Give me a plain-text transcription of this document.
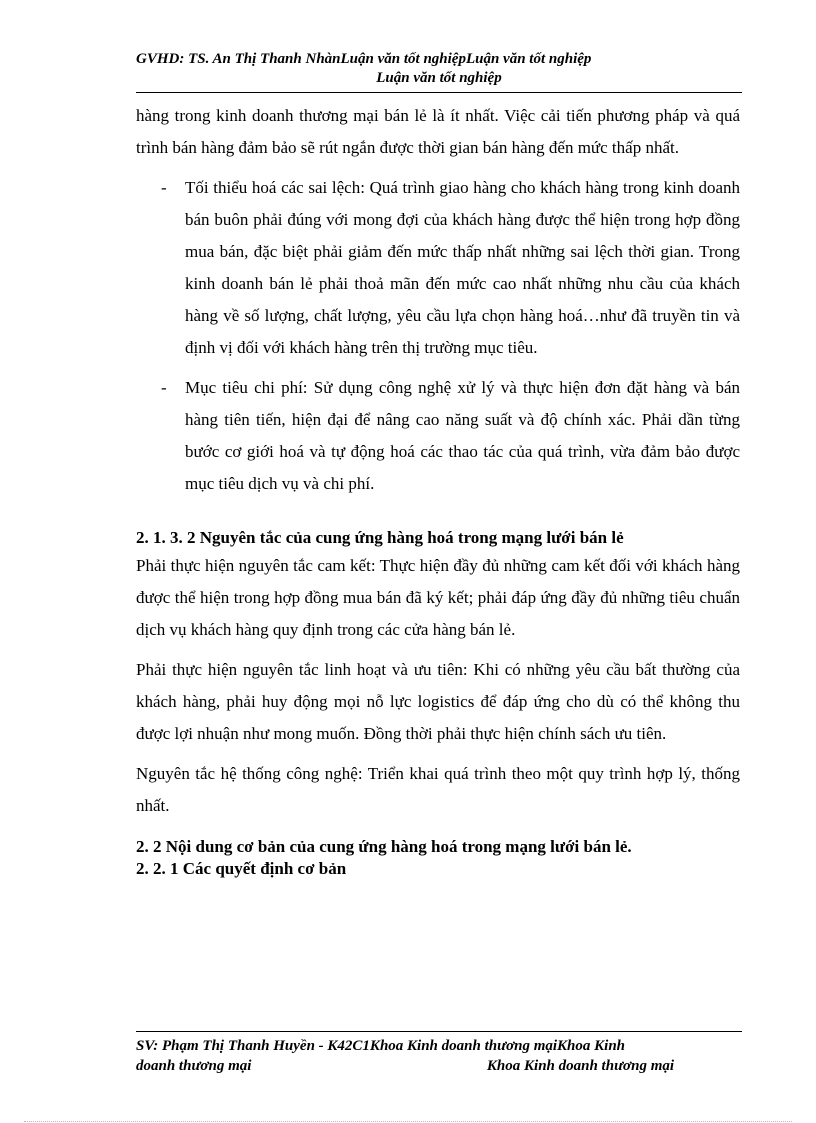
GVHD: TS. An Thị Thanh NhànLuận văn tốt nghiệpLuận văn tốt nghiệp

Luận văn tốt nghiệp

hàng trong kinh doanh thương mại bán lẻ là ít nhất. Việc cải tiến phương pháp và quá trình bán hàng đảm bảo sẽ rút ngắn được thời gian bán hàng đến mức thấp nhất.

- Tối thiểu hoá các sai lệch: Quá trình giao hàng cho khách hàng trong kinh doanh bán buôn phải đúng với mong đợi của khách hàng được thể hiện trong hợp đồng mua bán, đặc biệt phải giảm đến mức thấp nhất những sai lệch thời gian. Trong kinh doanh bán lẻ phải thoả mãn đến mức cao nhất những nhu cầu của khách hàng về số lượng, chất lượng, yêu cầu lựa chọn hàng hoá…như đã truyền tin và định vị đối với khách hàng trên thị trường mục tiêu.
- Mục tiêu chi phí: Sử dụng công nghệ xử lý và thực hiện đơn đặt hàng và bán hàng tiên tiến, hiện đại để nâng cao năng suất và độ chính xác. Phải dần từng bước cơ giới hoá và tự động hoá các thao tác của quá trình, vừa đảm bảo được mục tiêu dịch vụ và chi phí.
2. 1. 3. 2 Nguyên tắc của cung ứng hàng hoá trong mạng lưới bán lẻ

Phải thực hiện nguyên tắc cam kết: Thực hiện đầy đủ những cam kết đối với khách hàng được thể hiện trong hợp đồng mua bán đã ký kết; phải đáp ứng đầy đủ những tiêu chuẩn dịch vụ khách hàng quy định trong các cửa hàng bán lẻ.

Phải thực hiện nguyên tắc linh hoạt và ưu tiên: Khi có những yêu cầu bất thường của khách hàng, phải huy động mọi nỗ lực logistics để đáp ứng cho dù có thể không thu được lợi nhuận như mong muốn. Đồng thời phải thực hiện chính sách ưu tiên.

Nguyên tắc hệ thống công nghệ: Triển khai quá trình theo một quy trình hợp lý, thống nhất.

2. 2 Nội dung cơ bản của cung ứng hàng hoá trong mạng lưới bán lẻ.
2. 2. 1 Các quyết định cơ bản
SV: Phạm Thị Thanh Huyền - K42C1Khoa Kinh doanh thương mạiKhoa Kinh
doanh thương mại	Khoa Kinh doanh thương mại
